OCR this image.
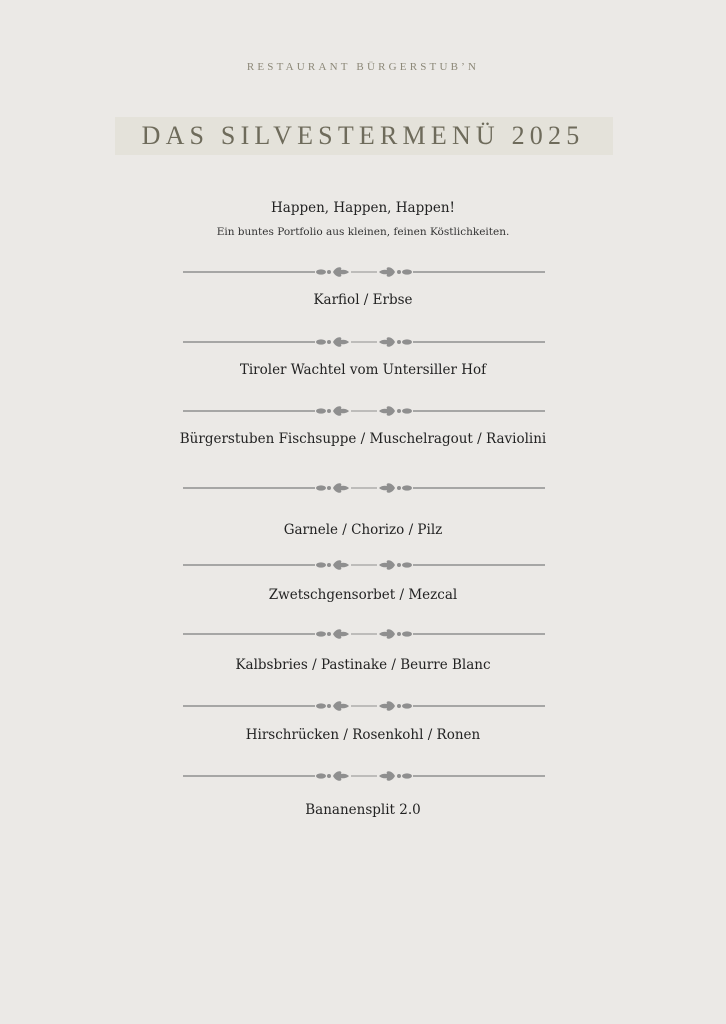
RESTAURANT BÜRGERSTUB’N
DAS SILVESTERMENÜ 2025
Happen, Happen, Happen!
Ein buntes Portfolio aus kleinen, feinen Köstlichkeiten.
Karfiol / Erbse
Tiroler Wachtel vom Untersiller Hof
Bürgerstuben Fischsuppe / Muschelragout / Raviolini
Garnele / Chorizo / Pilz
Zwetschgensorbet / Mezcal
Kalbsbries / Pastinake / Beurre Blanc
Hirschrücken / Rosenkohl / Ronen
Bananensplit 2.0
